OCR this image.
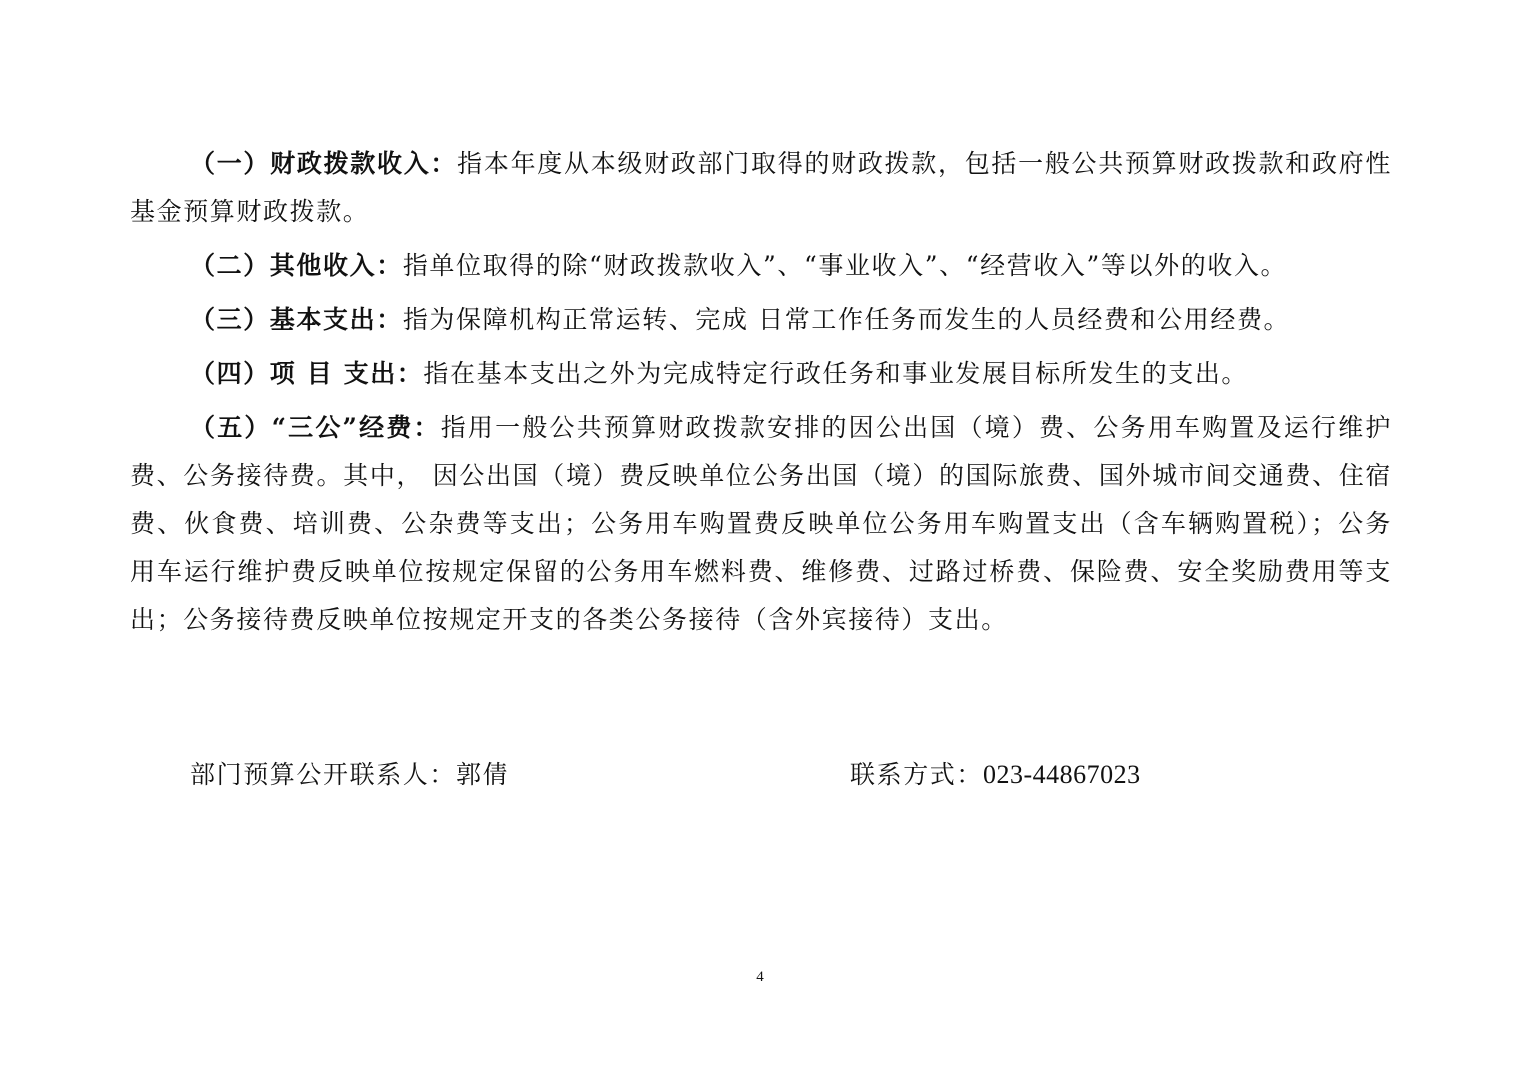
（一）财政拨款收入：指本年度从本级财政部门取得的财政拨款，包括一般公共预算财政拨款和政府性基金预算财政拨款。

（二）其他收入：指单位取得的除“财政拨款收入”、“事业收入”、“经营收入”等以外的收入。

（三）基本支出：指为保障机构正常运转、完成 日常工作任务而发生的人员经费和公用经费。

（四）项 目 支出：指在基本支出之外为完成特定行政任务和事业发展目标所发生的支出。

（五）“三公”经费：指用一般公共预算财政拨款安排的因公出国（境）费、公务用车购置及运行维护费、公务接待费。其中， 因公出国（境）费反映单位公务出国（境）的国际旅费、国外城市间交通费、住宿费、伙食费、培训费、公杂费等支出；公务用车购置费反映单位公务用车购置支出（含车辆购置税）；公务用车运行维护费反映单位按规定保留的公务用车燃料费、维修费、过路过桥费、保险费、安全奖励费用等支出；公务接待费反映单位按规定开支的各类公务接待（含外宾接待）支出。

部门预算公开联系人：郭倩	联系方式：023-44867023
4
